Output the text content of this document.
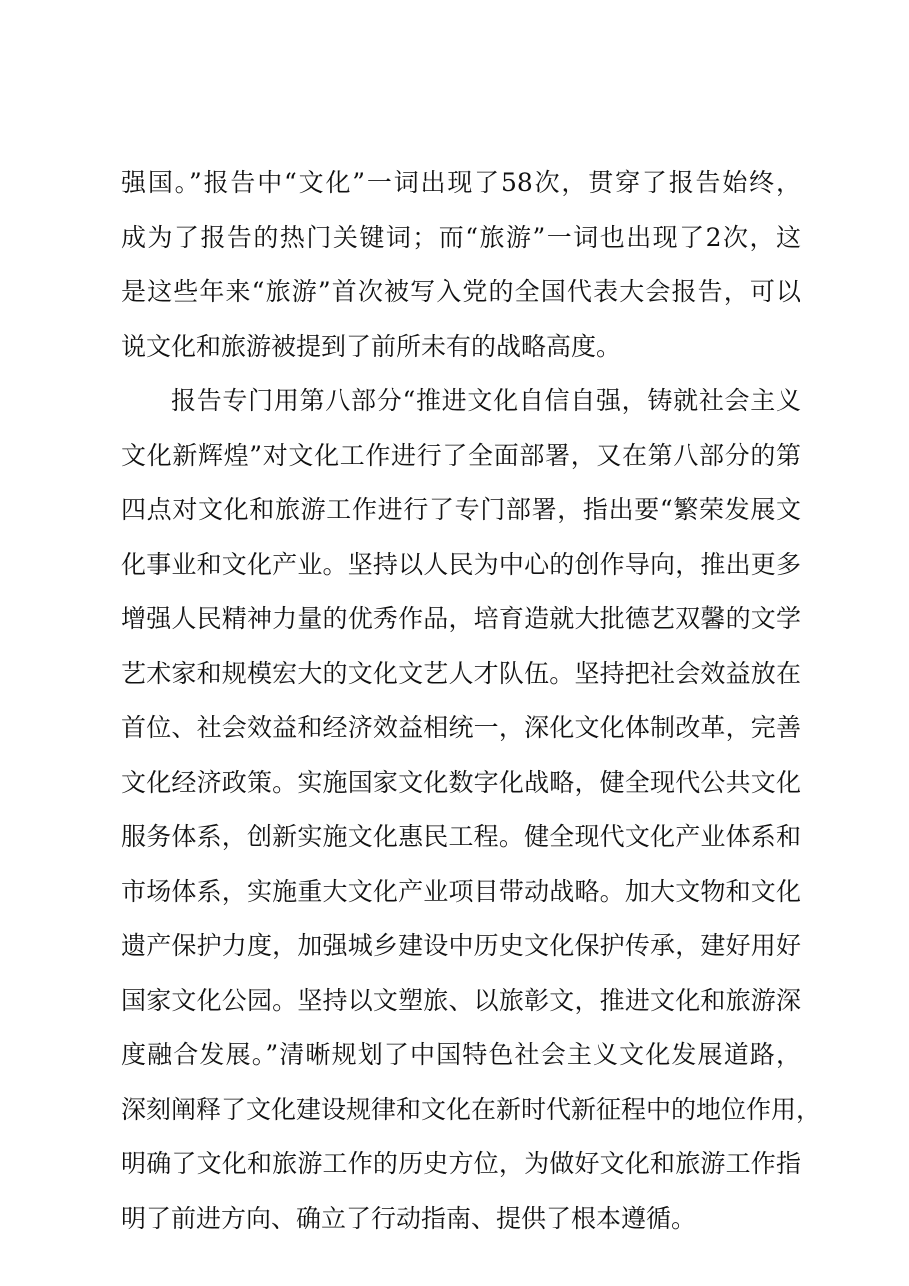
强国。”报告中“文化”一词出现了58次，贯穿了报告始终，
成为了报告的热门关键词；而“旅游”一词也出现了2次，这
是这些年来“旅游”首次被写入党的全国代表大会报告，可以
说文化和旅游被提到了前所未有的战略高度。
报告专门用第八部分“推进文化自信自强，铸就社会主义
文化新辉煌”对文化工作进行了全面部署，又在第八部分的第
四点对文化和旅游工作进行了专门部署，指出要“繁荣发展文
化事业和文化产业。坚持以人民为中心的创作导向，推出更多
增强人民精神力量的优秀作品，培育造就大批德艺双馨的文学
艺术家和规模宏大的文化文艺人才队伍。坚持把社会效益放在
首位、社会效益和经济效益相统一，深化文化体制改革，完善
文化经济政策。实施国家文化数字化战略，健全现代公共文化
服务体系，创新实施文化惠民工程。健全现代文化产业体系和
市场体系，实施重大文化产业项目带动战略。加大文物和文化
遗产保护力度，加强城乡建设中历史文化保护传承，建好用好
国家文化公园。坚持以文塑旅、以旅彰文，推进文化和旅游深
度融合发展。”清晰规划了中国特色社会主义文化发展道路，
深刻阐释了文化建设规律和文化在新时代新征程中的地位作用，
明确了文化和旅游工作的历史方位，为做好文化和旅游工作指
明了前进方向、确立了行动指南、提供了根本遵循。
